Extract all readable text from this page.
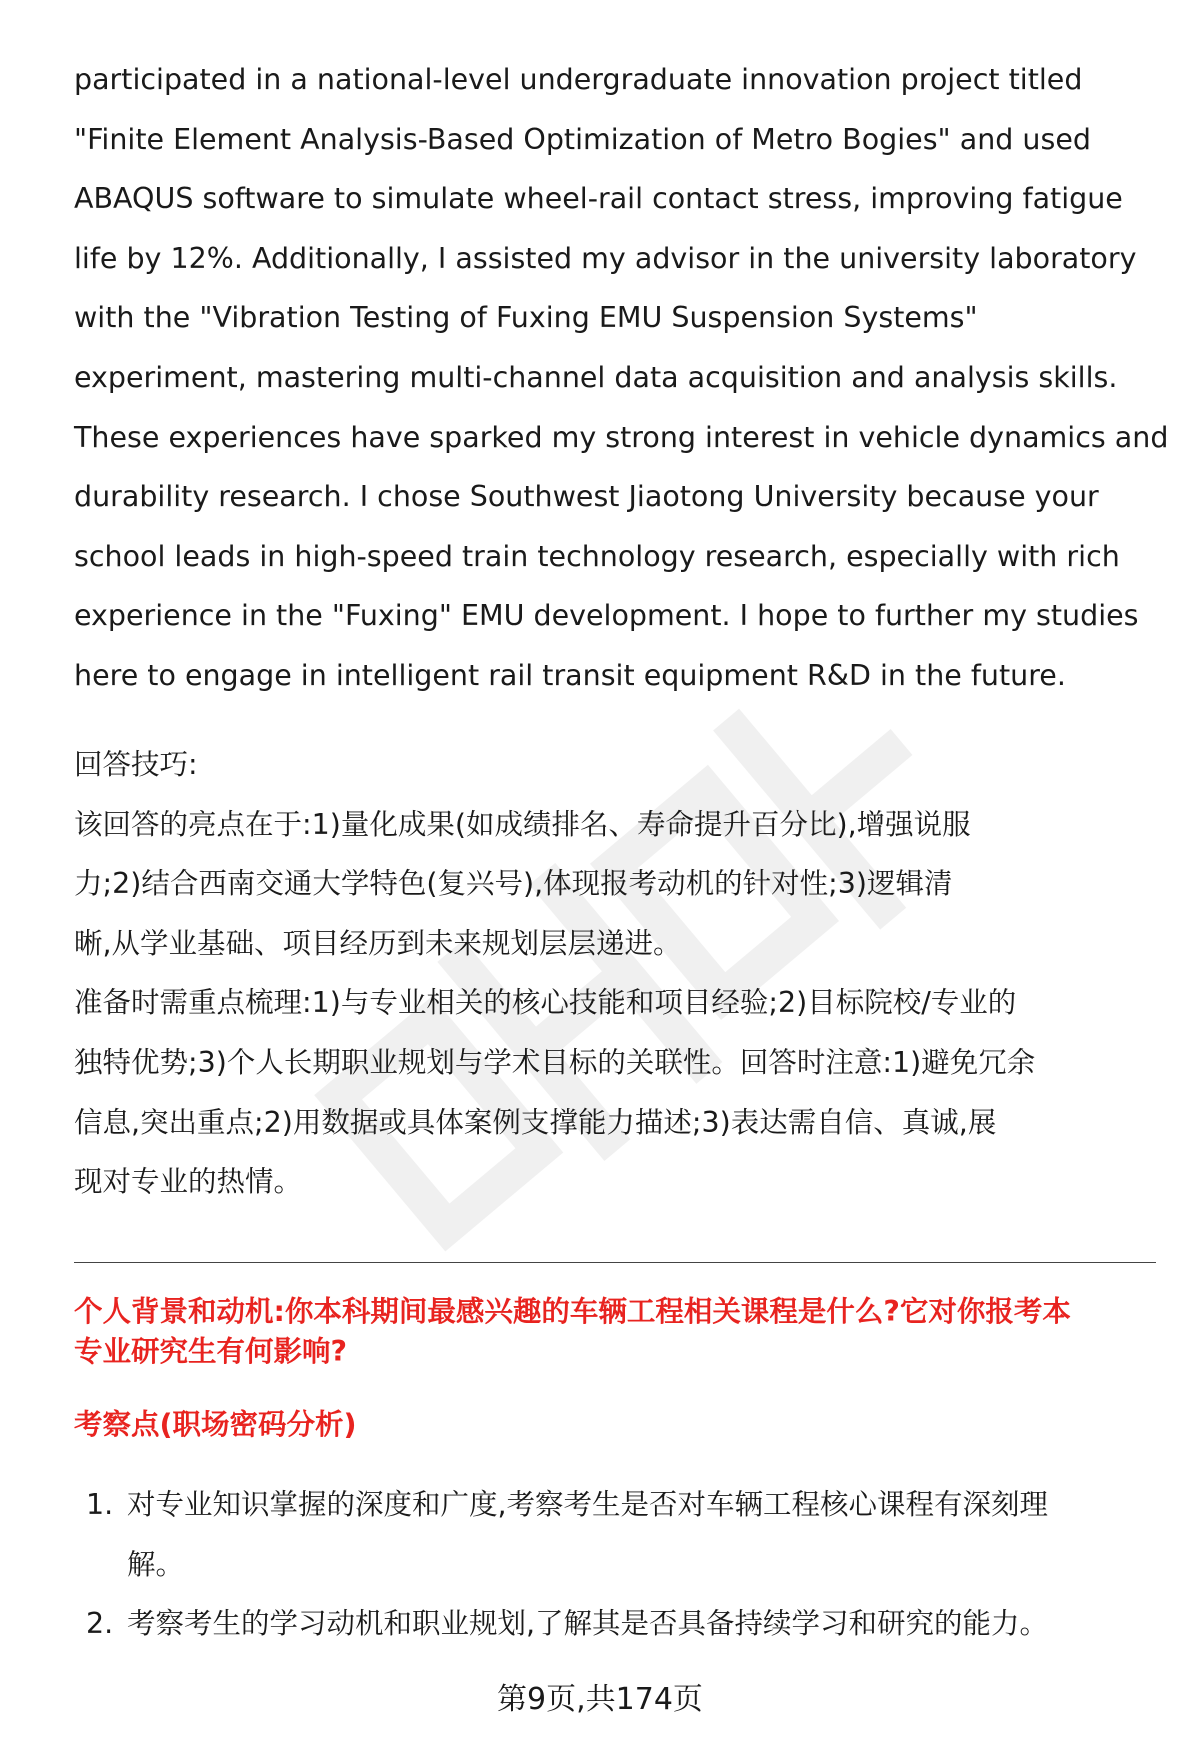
participated in a national-level undergraduate innovation project titled
"Finite Element Analysis-Based Optimization of Metro Bogies" and used
ABAQUS software to simulate wheel-rail contact stress, improving fatigue
life by 12%. Additionally, I assisted my advisor in the university laboratory
with the "Vibration Testing of Fuxing EMU Suspension Systems"
experiment, mastering multi-channel data acquisition and analysis skills.
These experiences have sparked my strong interest in vehicle dynamics and
durability research. I chose Southwest Jiaotong University because your
school leads in high-speed train technology research, especially with rich
experience in the "Fuxing" EMU development. I hope to further my studies
here to engage in intelligent rail transit equipment R&D in the future.
回答技巧:
该回答的亮点在于:1)量化成果(如成绩排名、寿命提升百分比),增强说服
力;2)结合西南交通大学特色(复兴号),体现报考动机的针对性;3)逻辑清
晰,从学业基础、项目经历到未来规划层层递进。
准备时需重点梳理:1)与专业相关的核心技能和项目经验;2)目标院校/专业的
独特优势;3)个人长期职业规划与学术目标的关联性。回答时注意:1)避免冗余
信息,突出重点;2)用数据或具体案例支撑能力描述;3)表达需自信、真诚,展
现对专业的热情。
个人背景和动机:你本科期间最感兴趣的车辆工程相关课程是什么?它对你报考本
专业研究生有何影响?
考察点(职场密码分析)
1. 对专业知识掌握的深度和广度,考察考生是否对车辆工程核心课程有深刻理
解。
2. 考察考生的学习动机和职业规划,了解其是否具备持续学习和研究的能力。
第9页,共174页
